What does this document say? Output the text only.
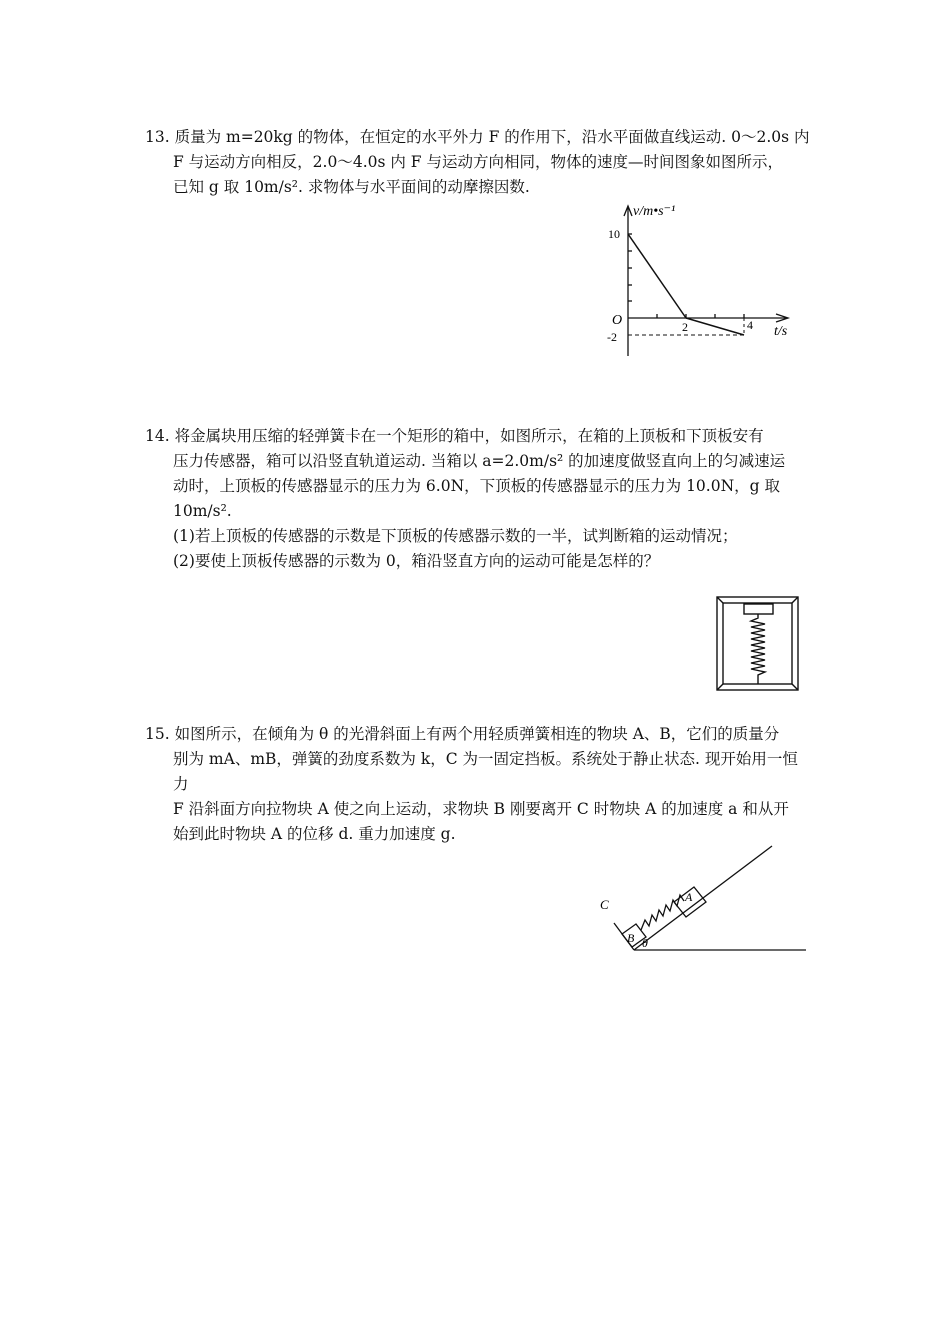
13. 质量为 m=20kg 的物体，在恒定的水平外力 F 的作用下，沿水平面做直线运动. 0～2.0s 内

F 与运动方向相反，2.0～4.0s 内 F 与运动方向相同，物体的速度—时间图象如图所示，

已知 g 取 10m/s². 求物体与水平面间的动摩擦因数.

v/m•s⁻¹
10
O
-2
2	4 t/s

14. 将金属块用压缩的轻弹簧卡在一个矩形的箱中，如图所示，在箱的上顶板和下顶板安有

压力传感器，箱可以沿竖直轨道运动. 当箱以 a=2.0m/s² 的加速度做竖直向上的匀减速运

动时，上顶板的传感器显示的压力为 6.0N，下顶板的传感器显示的压力为 10.0N，g 取

10m/s².

(1)若上顶板的传感器的示数是下顶板的传感器示数的一半，试判断箱的运动情况；

(2)要使上顶板传感器的示数为 0，箱沿竖直方向的运动可能是怎样的？

15. 如图所示，在倾角为 θ 的光滑斜面上有两个用轻质弹簧相连的物块 A、B，它们的质量分

别为 mA、mB，弹簧的劲度系数为 k，C 为一固定挡板。系统处于静止状态. 现开始用一恒力

F 沿斜面方向拉物块 A 使之向上运动，求物块 B 刚要离开 C 时物块 A 的加速度 a 和从开

始到此时物块 A 的位移 d. 重力加速度 g.

C
B
A
θ
